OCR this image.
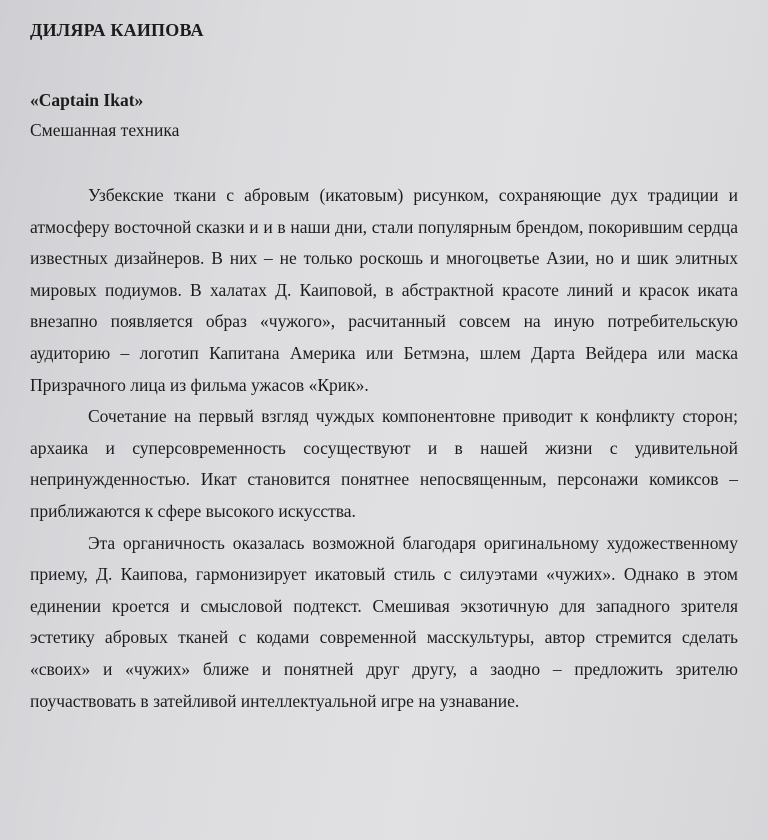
ДИЛЯРА КАИПОВА
«Captain Ikat»
Смешанная техника

Узбекские ткани с абровым (икатовым) рисунком, сохраняющие дух традиции и атмосферу восточной сказки и и в наши дни, стали популярным брендом, покорившим сердца известных дизайнеров. В них – не только роскошь и многоцветье Азии, но и шик элитных мировых подиумов. В халатах Д. Каиповой, в абстрактной красоте линий и красок иката внезапно появляется образ «чужого», расчитанный совсем на иную потребительскую аудиторию – логотип Капитана Америка или Бетмэна, шлем Дарта Вейдера или маска Призрачного лица из фильма ужасов «Крик».

Сочетание на первый взгляд чуждых компонентовне приводит к конфликту сторон; архаика и суперсовременность сосуществуют и в нашей жизни с удивительной непринужденностью. Икат становится понятнее непосвященным, персонажи комиксов – приближаются к сфере высокого искусства.

Эта органичность оказалась возможной благодаря оригинальному художественному приему, Д. Каипова, гармонизирует икатовый стиль с силуэтами «чужих». Однако в этом единении кроется и смысловой подтекст. Смешивая экзотичную для западного зрителя эстетику абровых тканей с кодами современной масскультуры, автор стремится сделать «своих» и «чужих» ближе и понятней друг другу, а заодно – предложить зрителю поучаствовать в затейливой интеллектуальной игре на узнавание.
